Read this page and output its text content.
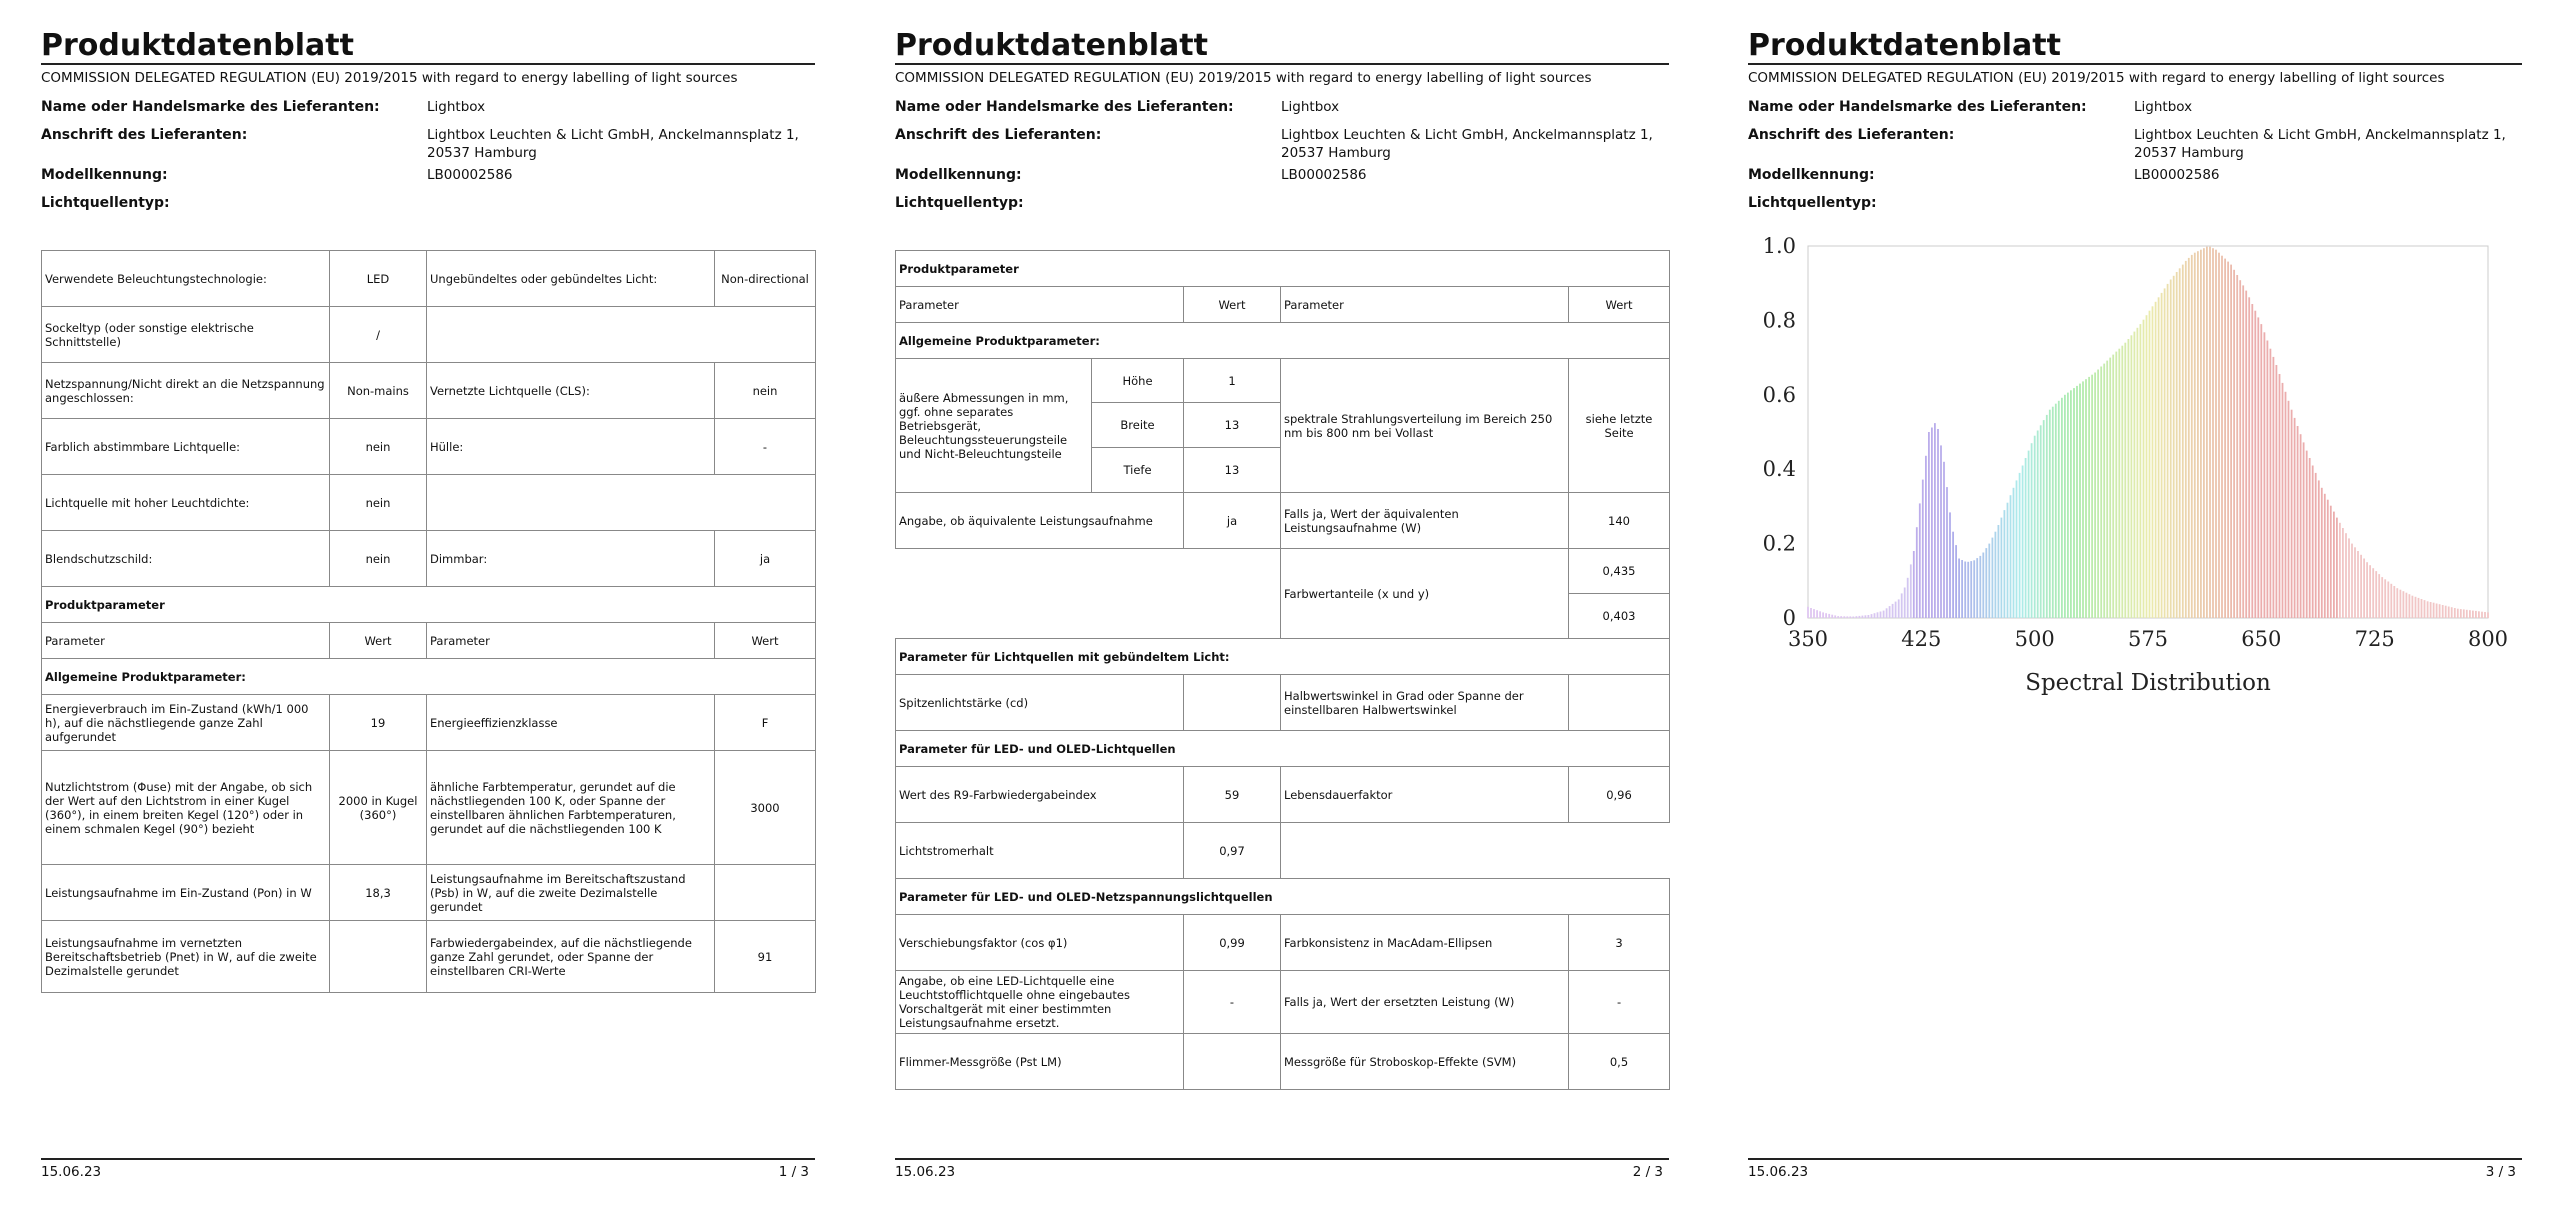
Produktdatenblatt
COMMISSION DELEGATED REGULATION (EU) 2019/2015 with regard to energy labelling of light sources
Name oder Handelsmarke des Lieferanten:	Lightbox
Anschrift des Lieferanten:	Lightbox Leuchten & Licht GmbH, Anckelmannsplatz 1, 20537 Hamburg
Modellkennung:	LB00002586
Lichtquellentyp:
Verwendete Beleuchtungstechnologie:	LED	Ungebündeltes oder gebündeltes Licht:	Non-directional
Sockeltyp (oder sonstige elektrische Schnittstelle)	/		
Netzspannung/Nicht direkt an die Netzspannung angeschlossen:	Non-mains	Vernetzte Lichtquelle (CLS):	nein
Farblich abstimmbare Lichtquelle:	nein	Hülle:	-
Lichtquelle mit hoher Leuchtdichte:	nein		
Blendschutzschild:	nein	Dimmbar:	ja
Produktparameter			
Parameter	Wert	Parameter	Wert
Allgemeine Produktparameter:			
Energieverbrauch im Ein-Zustand (kWh/1 000 h), auf die nächstliegende ganze Zahl aufgerundet	19	Energieeffizienzklasse	F
Nutzlichtstrom (Φuse) mit der Angabe, ob sich der Wert auf den Lichtstrom in einer Kugel (360°), in einem breiten Kegel (120°) oder in einem schmalen Kegel (90°) bezieht	2000 in Kugel (360°)	ähnliche Farbtemperatur, gerundet auf die nächstliegenden 100 K, oder Spanne der einstellbaren ähnlichen Farbtemperaturen, gerundet auf die nächstliegenden 100 K	3000
Leistungsaufnahme im Ein-Zustand (Pon) in W	18,3	Leistungsaufnahme im Bereitschaftszustand (Psb) in W, auf die zweite Dezimalstelle gerundet	
Leistungsaufnahme im vernetzten Bereitschaftsbetrieb (Pnet) in W, auf die zweite Dezimalstelle gerundet		Farbwiedergabeindex, auf die nächstliegende ganze Zahl gerundet, oder Spanne der einstellbaren CRI-Werte	91
15.06.23	1 / 3
Produktdatenblatt
COMMISSION DELEGATED REGULATION (EU) 2019/2015 with regard to energy labelling of light sources
Name oder Handelsmarke des Lieferanten:	Lightbox
Anschrift des Lieferanten:	Lightbox Leuchten & Licht GmbH, Anckelmannsplatz 1, 20537 Hamburg
Modellkennung:	LB00002586
Lichtquellentyp:
Produktparameter				
Parameter		Wert	Parameter	Wert
Allgemeine Produktparameter:				
äußere Abmessungen in mm, ggf. ohne separates Betriebsgerät, Beleuchtungssteuerungsteile und Nicht-Beleuchtungsteile	Höhe	1	spektrale Strahlungsverteilung im Bereich 250 nm bis 800 nm bei Vollast	siehe letzte Seite
	Breite	13		
	Tiefe	13		
Angabe, ob äquivalente Leistungsaufnahme		ja	Falls ja, Wert der äquivalenten Leistungsaufnahme (W)	140
			Farbwertanteile (x und y)	0,435
				0,403
Parameter für Lichtquellen mit gebündeltem Licht:				
Spitzenlichtstärke (cd)			Halbwertswinkel in Grad oder Spanne der einstellbaren Halbwertswinkel	
Parameter für LED- und OLED-Lichtquellen				
Wert des R9-Farbwiedergabeindex		59	Lebensdauerfaktor	0,96
Lichtstromerhalt		0,97		
Parameter für LED- und OLED-Netzspannungslichtquellen				
Verschiebungsfaktor (cos φ1)		0,99	Farbkonsistenz in MacAdam-Ellipsen	3
Angabe, ob eine LED-Lichtquelle eine Leuchtstofflichtquelle ohne eingebautes Vorschaltgerät mit einer bestimmten Leistungsaufnahme ersetzt.		-	Falls ja, Wert der ersetzten Leistung (W)	-
Flimmer-Messgröße (Pst LM)			Messgröße für Stroboskop-Effekte (SVM)	0,5
15.06.23	2 / 3
Produktdatenblatt
COMMISSION DELEGATED REGULATION (EU) 2019/2015 with regard to energy labelling of light sources
Name oder Handelsmarke des Lieferanten:	Lightbox
Anschrift des Lieferanten:	Lightbox Leuchten & Licht GmbH, Anckelmannsplatz 1, 20537 Hamburg
Modellkennung:	LB00002586
Lichtquellentyp:
0
0.2
0.4
0.6
0.8
1.0
350	425	500	575	650	725	800
Spectral Distribution
15.06.23	3 / 3
